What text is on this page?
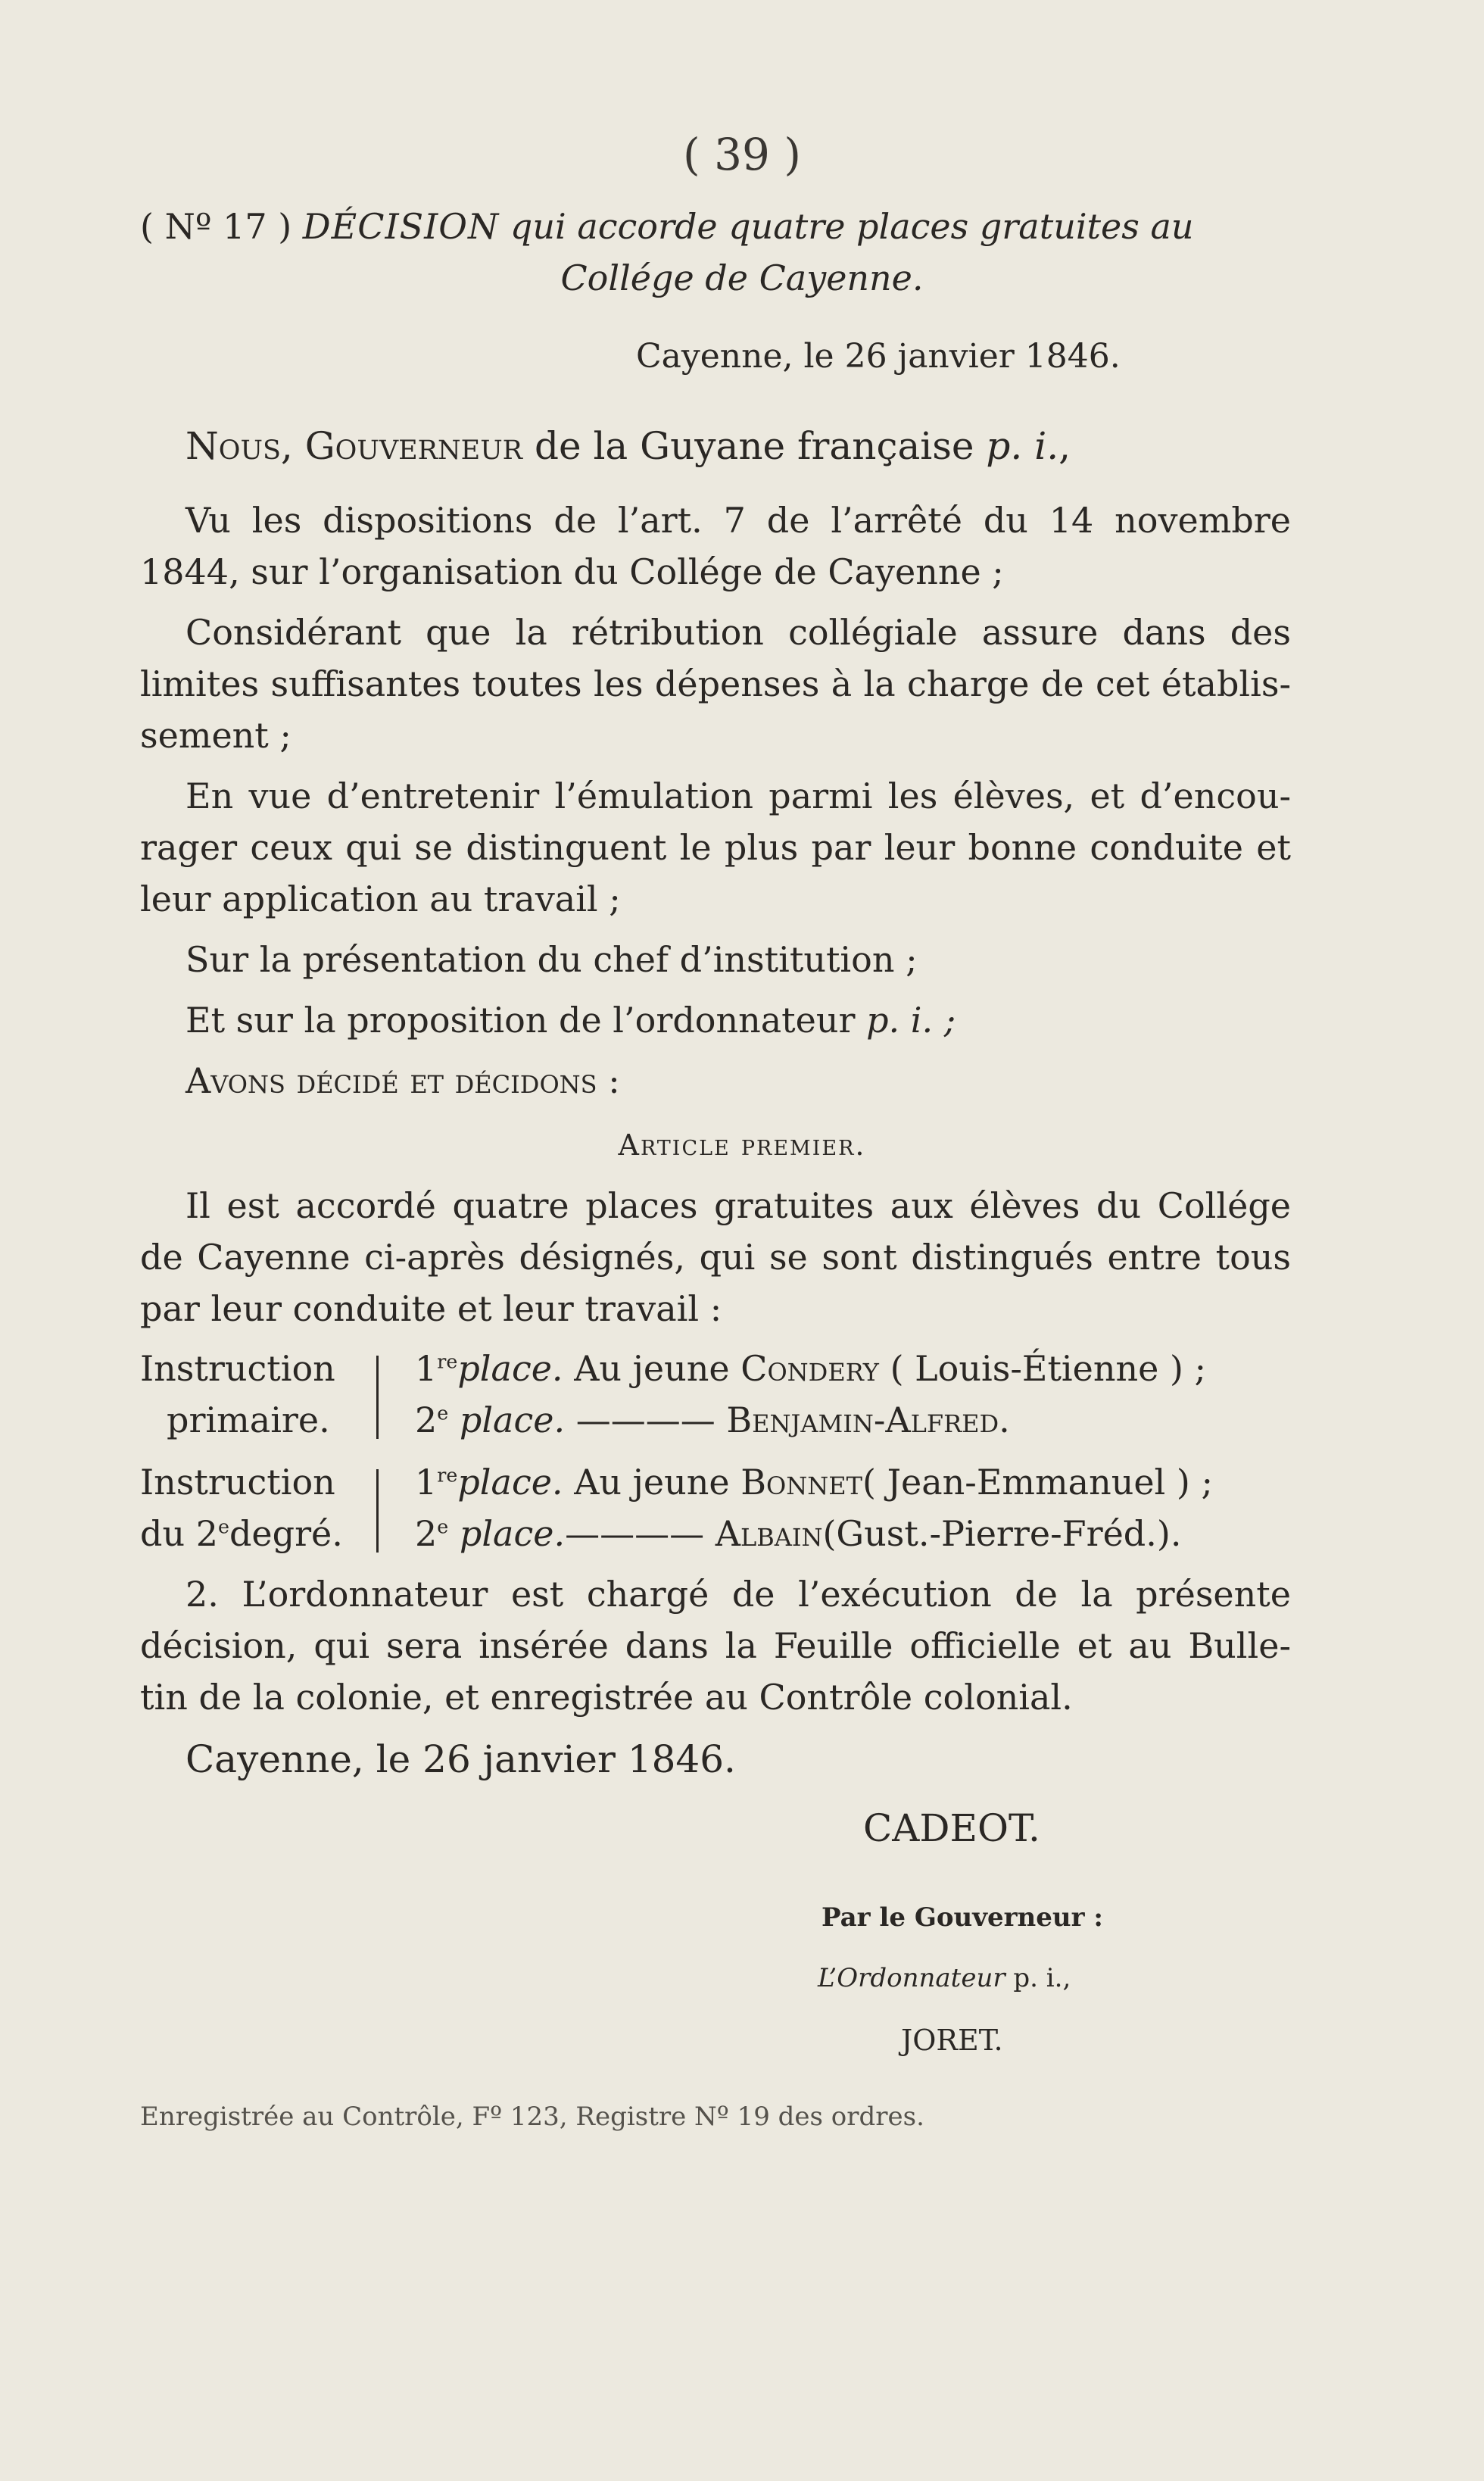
( 39 )
( Nº 17 ) DÉCISION qui accorde quatre places gratuites au
Collége de Cayenne.
Cayenne, le 26 janvier 1846.
Nous, Gouverneur de la Guyane française p. i.,
Vu les dispositions de l’art. 7 de l’arrêté du 14 novembre
1844, sur l’organisation du Collége de Cayenne ;
Considérant que la rétribution collégiale assure dans des
limites suffisantes toutes les dépenses à la charge de cet établis-
sement ;
En vue d’entretenir l’émulation parmi les élèves, et d’encou-
rager ceux qui se distinguent le plus par leur bonne conduite et
leur application au travail ;
Sur la présentation du chef d’institution ;
Et sur la proposition de l’ordonnateur p. i. ;
Avons décidé et décidons :
Article premier.
Il est accordé quatre places gratuites aux élèves du Collége
de Cayenne ci-après désignés, qui se sont distingués entre tous
par leur conduite et leur travail :
Instruction
primaire.
1replace. Au jeune Condery ( Louis-Étienne ) ;
2e place. ———— Benjamin-Alfred.
Instruction
du 2edegré.
1replace. Au jeune Bonnet( Jean-Emmanuel ) ;
2e place.———— Albain(Gust.-Pierre-Fréd.).
2. L’ordonnateur est chargé de l’exécution de la présente
décision, qui sera insérée dans la Feuille officielle et au Bulle-
tin de la colonie, et enregistrée au Contrôle colonial.
Cayenne, le 26 janvier 1846.
CADEOT.
Par le Gouverneur :
L’Ordonnateur p. i.,
JORET.
Enregistrée au Contrôle, Fº 123, Registre Nº 19 des ordres.
